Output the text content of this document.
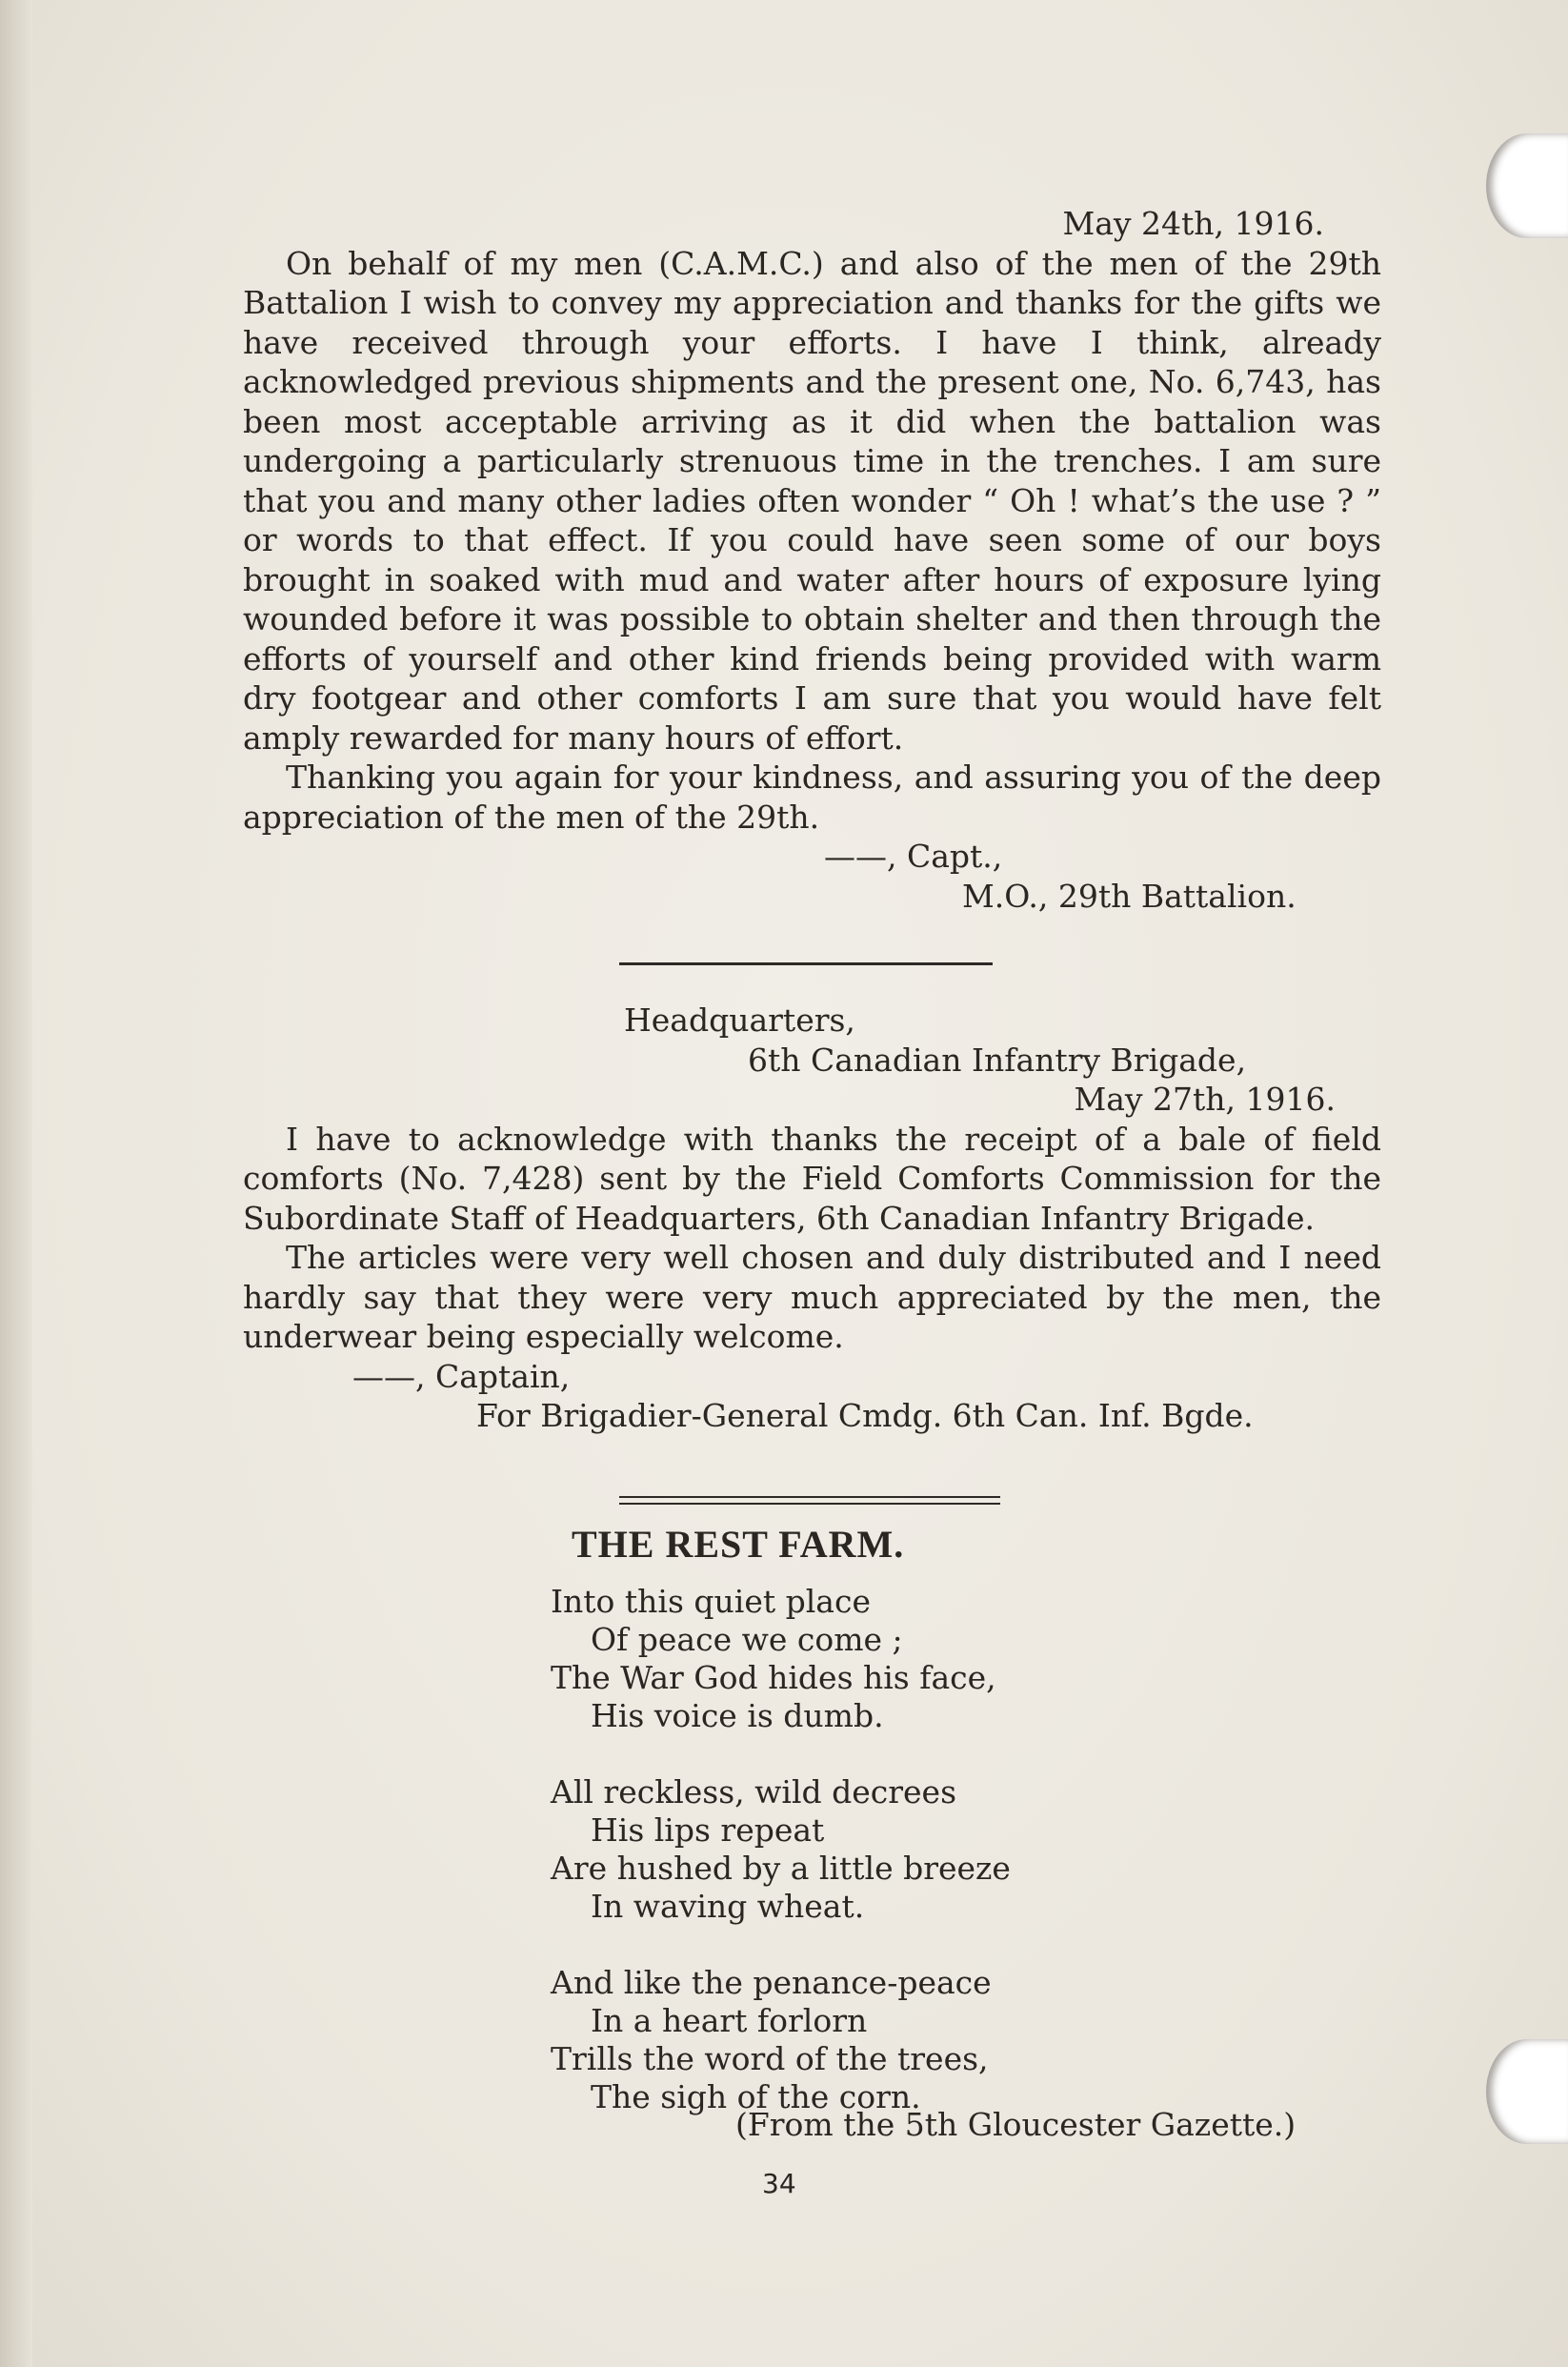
May 24th, 1916.

On behalf of my men (C.A.M.C.) and also of the men of the 29th Battalion I wish to convey my appreciation and thanks for the gifts we have received through your efforts. I have I think, already acknowledged previous shipments and the present one, No. 6,743, has been most acceptable arriving as it did when the battalion was undergoing a particularly strenuous time in the trenches. I am sure that you and many other ladies often wonder “ Oh ! what’s the use ? ” or words to that effect. If you could have seen some of our boys brought in soaked with mud and water after hours of exposure lying wounded before it was possible to obtain shelter and then through the efforts of yourself and other kind friends being provided with warm dry footgear and other comforts I am sure that you would have felt amply rewarded for many hours of effort.

Thanking you again for your kindness, and assuring you of the deep appreciation of the men of the 29th.

——, Capt.,

M.O., 29th Battalion.

Headquarters,

6th Canadian Infantry Brigade,

May 27th, 1916.

I have to acknowledge with thanks the receipt of a bale of field comforts (No. 7,428) sent by the Field Comforts Commission for the Subordinate Staff of Headquarters, 6th Canadian Infantry Brigade.

The articles were very well chosen and duly distributed and I need hardly say that they were very much appreciated by the men, the underwear being especially welcome.

——, Captain,

For Brigadier-General Cmdg. 6th Can. Inf. Bgde.

THE REST FARM.

Into this quiet place

Of peace we come ;

The War God hides his face,

His voice is dumb.

All reckless, wild decrees

His lips repeat

Are hushed by a little breeze

In waving wheat.

And like the penance-peace

In a heart forlorn

Trills the word of the trees,

The sigh of the corn.

(From the 5th Gloucester Gazette.)

34
